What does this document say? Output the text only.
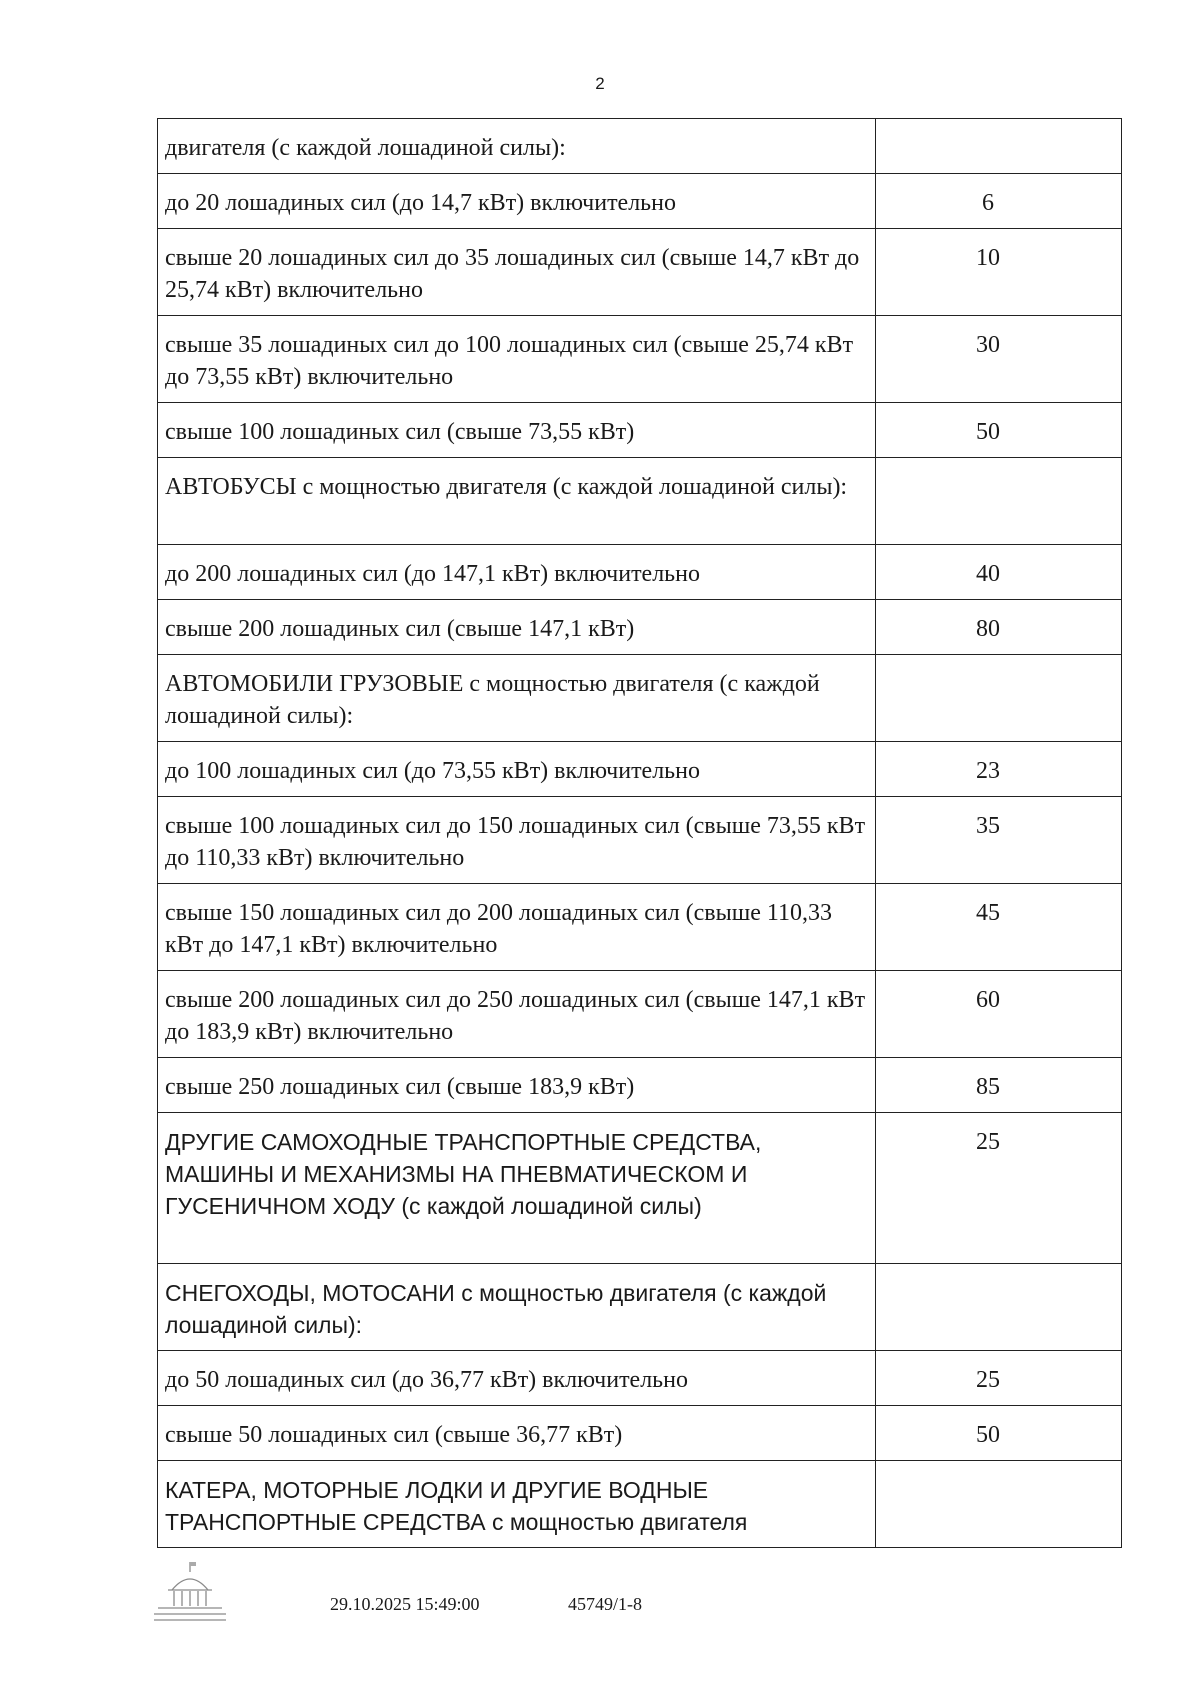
2
двигателя (с каждой лошадиной силы):	
до 20 лошадиных сил (до 14,7 кВт) включительно	6
свыше 20 лошадиных сил до 35 лошадиных сил (свыше 14,7 кВт до 25,74 кВт) включительно	10
свыше 35 лошадиных сил до 100 лошадиных сил (свыше 25,74 кВт до 73,55 кВт) включительно	30
свыше 100 лошадиных сил (свыше 73,55 кВт)	50
АВТОБУСЫ с мощностью двигателя (с каждой лошадиной силы):	
до 200 лошадиных сил (до 147,1 кВт) включительно	40
свыше 200 лошадиных сил (свыше 147,1 кВт)	80
АВТОМОБИЛИ ГРУЗОВЫЕ с мощностью двигателя (с каждой лошадиной силы):	
до 100 лошадиных сил (до 73,55 кВт) включительно	23
свыше 100 лошадиных сил до 150 лошадиных сил (свыше 73,55 кВт до 110,33 кВт) включительно	35
свыше 150 лошадиных сил до 200 лошадиных сил (свыше 110,33 кВт до 147,1 кВт) включительно	45
свыше 200 лошадиных сил до 250 лошадиных сил (свыше 147,1 кВт до 183,9 кВт) включительно	60
свыше 250 лошадиных сил (свыше 183,9 кВт)	85
ДРУГИЕ САМОХОДНЫЕ ТРАНСПОРТНЫЕ СРЕДСТВА, МАШИНЫ И МЕХАНИЗМЫ НА ПНЕВМАТИЧЕСКОМ И ГУСЕНИЧНОМ ХОДУ (с каждой лошадиной силы)	25
СНЕГОХОДЫ, МОТОСАНИ с мощностью двигателя (с каждой лошадиной силы):	
до 50 лошадиных сил (до 36,77 кВт) включительно	25
свыше 50 лошадиных сил (свыше 36,77 кВт)	50
КАТЕРА, МОТОРНЫЕ ЛОДКИ И ДРУГИЕ ВОДНЫЕ ТРАНСПОРТНЫЕ СРЕДСТВА с мощностью двигателя	
29.10.2025 15:49:00	45749/1-8
